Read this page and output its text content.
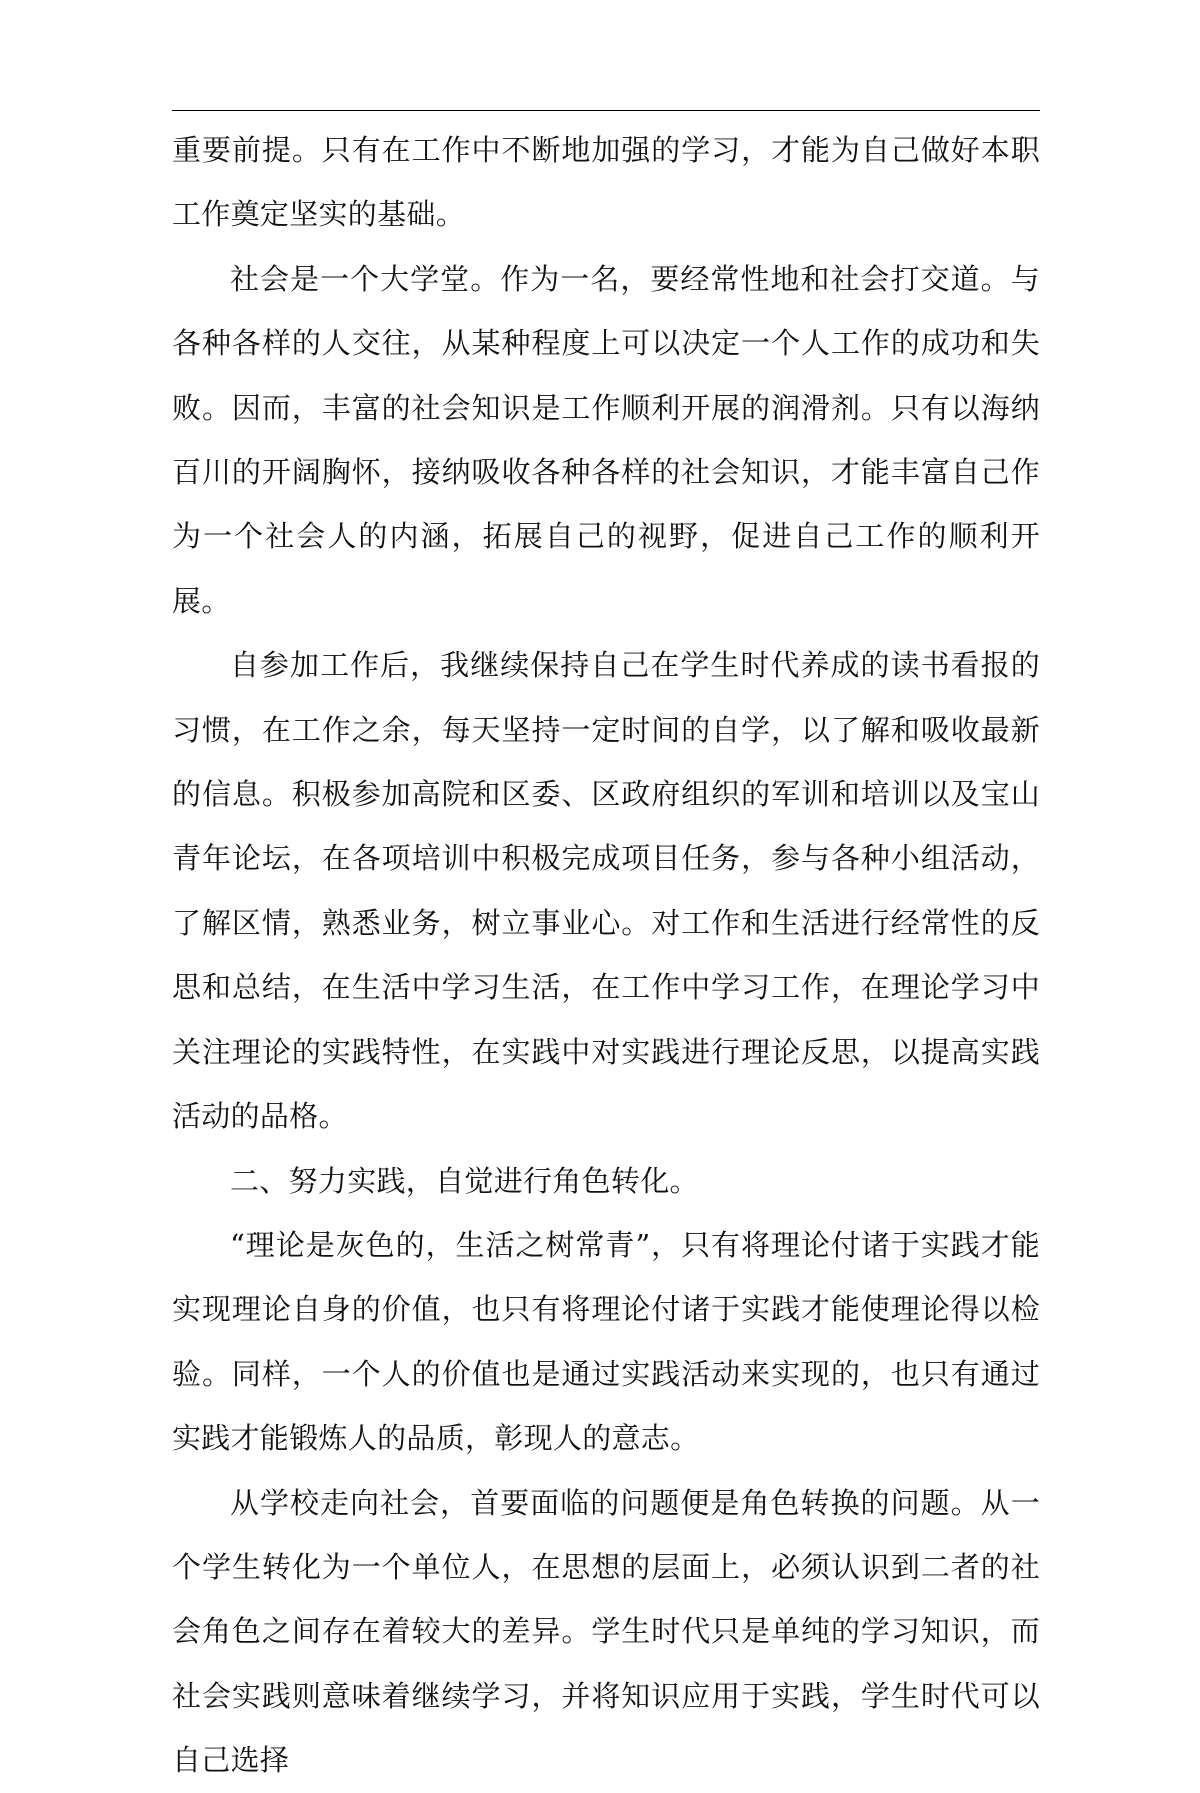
重要前提。只有在工作中不断地加强的学习，才能为自己做好本职工作奠定坚实的基础。

社会是一个大学堂。作为一名，要经常性地和社会打交道。与各种各样的人交往，从某种程度上可以决定一个人工作的成功和失败。因而，丰富的社会知识是工作顺利开展的润滑剂。只有以海纳百川的开阔胸怀，接纳吸收各种各样的社会知识，才能丰富自己作为一个社会人的内涵，拓展自己的视野，促进自己工作的顺利开展。

自参加工作后，我继续保持自己在学生时代养成的读书看报的习惯，在工作之余，每天坚持一定时间的自学，以了解和吸收最新的信息。积极参加高院和区委、区政府组织的军训和培训以及宝山青年论坛，在各项培训中积极完成项目任务，参与各种小组活动，了解区情，熟悉业务，树立事业心。对工作和生活进行经常性的反思和总结，在生活中学习生活，在工作中学习工作，在理论学习中关注理论的实践特性，在实践中对实践进行理论反思，以提高实践活动的品格。

二、努力实践，自觉进行角色转化。

“理论是灰色的，生活之树常青”，只有将理论付诸于实践才能实现理论自身的价值，也只有将理论付诸于实践才能使理论得以检验。同样，一个人的价值也是通过实践活动来实现的，也只有通过实践才能锻炼人的品质，彰现人的意志。

从学校走向社会，首要面临的问题便是角色转换的问题。从一个学生转化为一个单位人，在思想的层面上，必须认识到二者的社会角色之间存在着较大的差异。学生时代只是单纯的学习知识，而社会实践则意味着继续学习，并将知识应用于实践，学生时代可以自己选择
